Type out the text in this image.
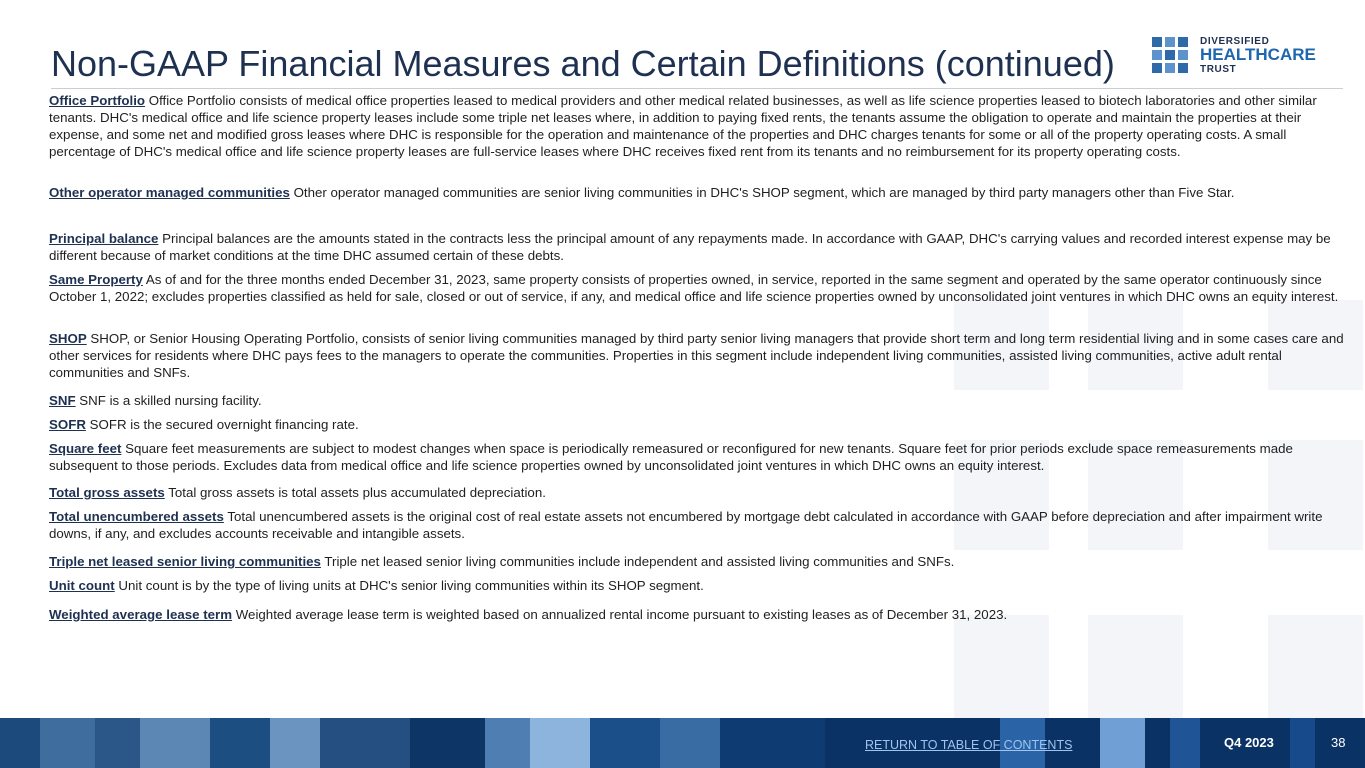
Non-GAAP Financial Measures and Certain Definitions (continued)
DIVERSIFIED
HEALTHCARE
TRUST

Office Portfolio Office Portfolio consists of medical office properties leased to medical providers and other medical related businesses, as well as life science properties leased to biotech laboratories and other similar tenants. DHC's medical office and life science property leases include some triple net leases where, in addition to paying fixed rents, the tenants assume the obligation to operate and maintain the properties at their expense, and some net and modified gross leases where DHC is responsible for the operation and maintenance of the properties and DHC charges tenants for some or all of the property operating costs. A small percentage of DHC's medical office and life science property leases are full-service leases where DHC receives fixed rent from its tenants and no reimbursement for its property operating costs.

Other operator managed communities Other operator managed communities are senior living communities in DHC's SHOP segment, which are managed by third party managers other than Five Star.

Principal balance Principal balances are the amounts stated in the contracts less the principal amount of any repayments made. In accordance with GAAP, DHC's carrying values and recorded interest expense may be different because of market conditions at the time DHC assumed certain of these debts.

Same Property As of and for the three months ended December 31, 2023, same property consists of properties owned, in service, reported in the same segment and operated by the same operator continuously since October 1, 2022; excludes properties classified as held for sale, closed or out of service, if any, and medical office and life science properties owned by unconsolidated joint ventures in which DHC owns an equity interest.

SHOP SHOP, or Senior Housing Operating Portfolio, consists of senior living communities managed by third party senior living managers that provide short term and long term residential living and in some cases care and other services for residents where DHC pays fees to the managers to operate the communities. Properties in this segment include independent living communities, assisted living communities, active adult rental communities and SNFs.

SNF SNF is a skilled nursing facility.

SOFR SOFR is the secured overnight financing rate.

Square feet Square feet measurements are subject to modest changes when space is periodically remeasured or reconfigured for new tenants. Square feet for prior periods exclude space remeasurements made subsequent to those periods. Excludes data from medical office and life science properties owned by unconsolidated joint ventures in which DHC owns an equity interest.

Total gross assets Total gross assets is total assets plus accumulated depreciation.

Total unencumbered assets Total unencumbered assets is the original cost of real estate assets not encumbered by mortgage debt calculated in accordance with GAAP before depreciation and after impairment write downs, if any, and excludes accounts receivable and intangible assets.

Triple net leased senior living communities Triple net leased senior living communities include independent and assisted living communities and SNFs.

Unit count Unit count is by the type of living units at DHC's senior living communities within its SHOP segment.

Weighted average lease term Weighted average lease term is weighted based on annualized rental income pursuant to existing leases as of December 31, 2023.

RETURN TO TABLE OF CONTENTS	Q4 2023	38
